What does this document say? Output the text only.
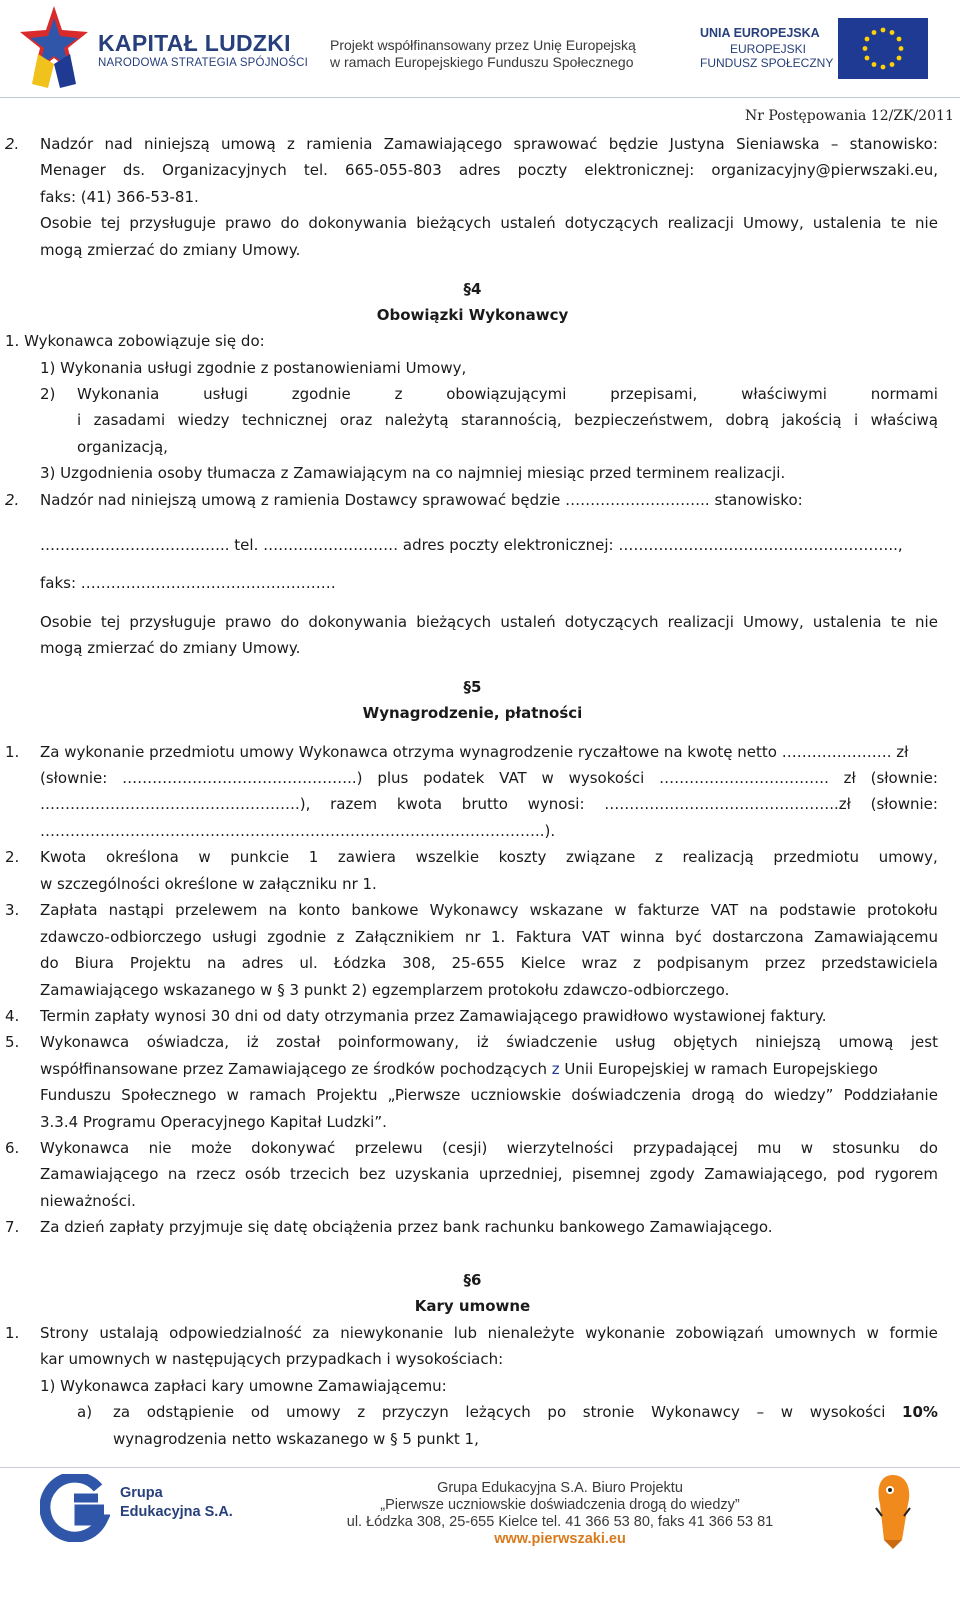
KAPITAŁ LUDZKI
NARODOWA STRATEGIA SPÓJNOŚCI
Projekt współfinansowany przez Unię Europejską
w ramach Europejskiego Funduszu Społecznego
UNIA EUROPEJSKA
EUROPEJSKI
FUNDUSZ SPOŁECZNY
Nr Postępowania 12/ZK/2011
2. Nadzór nad niniejszą umową z ramienia Zamawiającego sprawować będzie Justyna Sieniawska – stanowisko:
Menager ds. Organizacyjnych tel. 665-055-803 adres poczty elektronicznej: organizacyjny@pierwszaki.eu,
faks: (41) 366-53-81.
Osobie tej przysługuje prawo do dokonywania bieżących ustaleń dotyczących realizacji Umowy, ustalenia te nie
mogą zmierzać do zmiany Umowy.
§4
Obowiązki Wykonawcy
1. Wykonawca zobowiązuje się do:
1) Wykonania usługi zgodnie z postanowieniami Umowy,
2) Wykonania	usługi	zgodnie	z	obowiązującymi	przepisami,	właściwymi	normami
i zasadami wiedzy technicznej oraz należytą starannością, bezpieczeństwem, dobrą jakością i właściwą
organizacją,
3) Uzgodnienia osoby tłumacza z Zamawiającym na co najmniej miesiąc przed terminem realizacji.
2. Nadzór nad niniejszą umową z ramienia Dostawcy sprawować będzie ……………………….. stanowisko:
……………………………….. tel. ……………………… adres poczty elektronicznej: ………………………………………………..,
faks: ……………………………………………
Osobie tej przysługuje prawo do dokonywania bieżących ustaleń dotyczących realizacji Umowy, ustalenia te nie
mogą zmierzać do zmiany Umowy.
§5
Wynagrodzenie, płatności
1. Za wykonanie przedmiotu umowy Wykonawca otrzyma wynagrodzenie ryczałtowe na kwotę netto …………………. zł
(słownie: ………………………………………..) plus podatek VAT w wysokości ……………………………. zł (słownie:
…………………………………………….), razem kwota brutto wynosi: ………………………………………..zł (słownie:
………………………………………………………………………………………..).
2. Kwota określona w punkcie 1 zawiera wszelkie koszty związane z realizacją przedmiotu umowy,
w szczególności określone w załączniku nr 1.
3. Zapłata nastąpi przelewem na konto bankowe Wykonawcy wskazane w fakturze VAT na podstawie protokołu
zdawczo-odbiorczego usługi zgodnie z Załącznikiem nr 1. Faktura VAT winna być dostarczona Zamawiającemu
do Biura Projektu na adres ul. Łódzka 308, 25-655 Kielce wraz z podpisanym przez przedstawiciela
Zamawiającego wskazanego w § 3 punkt 2) egzemplarzem protokołu zdawczo-odbiorczego.
4. Termin zapłaty wynosi 30 dni od daty otrzymania przez Zamawiającego prawidłowo wystawionej faktury.
5. Wykonawca oświadcza, iż został poinformowany, iż świadczenie usług objętych niniejszą umową jest
współfinansowane przez Zamawiającego ze środków pochodzących z Unii Europejskiej w ramach Europejskiego
Funduszu Społecznego w ramach Projektu „Pierwsze uczniowskie doświadczenia drogą do wiedzy” Poddziałanie
3.3.4 Programu Operacyjnego Kapitał Ludzki”.
6. Wykonawca nie może dokonywać przelewu (cesji) wierzytelności przypadającej mu w stosunku do
Zamawiającego na rzecz osób trzecich bez uzyskania uprzedniej, pisemnej zgody Zamawiającego, pod rygorem
nieważności.
7. Za dzień zapłaty przyjmuje się datę obciążenia przez bank rachunku bankowego Zamawiającego.
§6
Kary umowne
1. Strony ustalają odpowiedzialność za niewykonanie lub nienależyte wykonanie zobowiązań umownych w formie
kar umownych w następujących przypadkach i wysokościach:
1) Wykonawca zapłaci kary umowne Zamawiającemu:
a) za odstąpienie od umowy z przyczyn leżących po stronie Wykonawcy – w wysokości 10%
wynagrodzenia netto wskazanego w § 5 punkt 1,
Grupa
Edukacyjna S.A.
Grupa Edukacyjna S.A. Biuro Projektu
„Pierwsze uczniowskie doświadczenia drogą do wiedzy”
ul. Łódzka 308, 25-655 Kielce tel. 41 366 53 80, faks 41 366 53 81
www.pierwszaki.eu
